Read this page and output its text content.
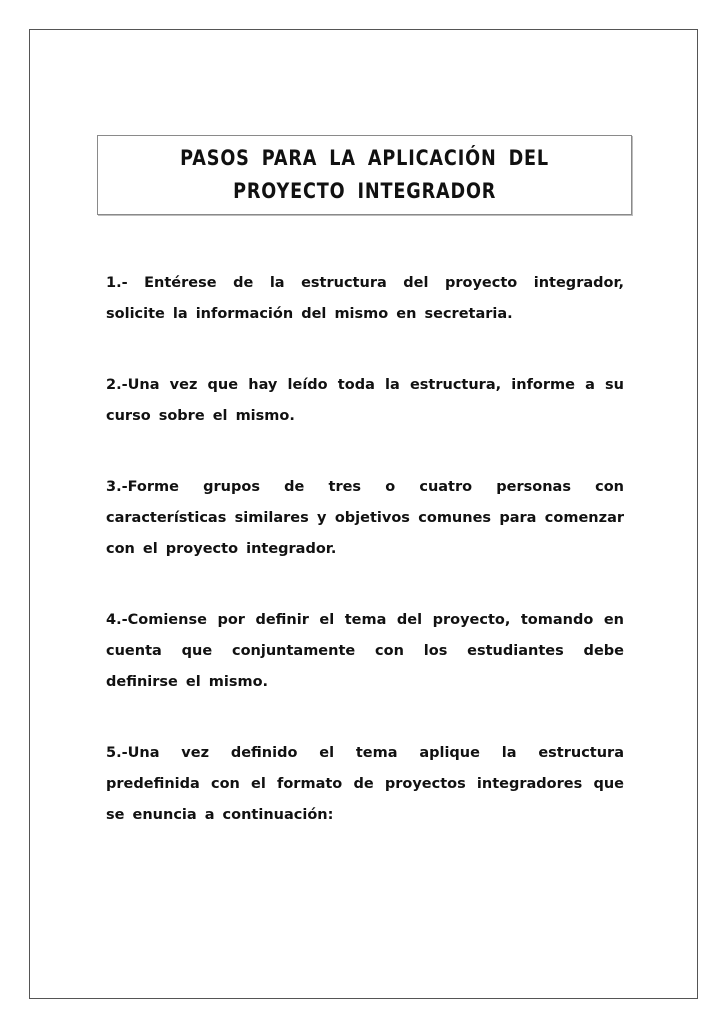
PASOS PARA LA APLICACIÓN DEL
PROYECTO INTEGRADOR

1.- Entérese de la estructura del proyecto integrador, solicite la información del mismo en secretaria.

2.-Una vez que hay leído toda la estructura, informe a su curso sobre el mismo.

3.-Forme grupos de tres o cuatro personas con características similares y objetivos comunes para comenzar con el proyecto integrador.

4.-Comiense por definir el tema del proyecto, tomando en cuenta que conjuntamente con los estudiantes debe definirse el mismo.

5.-Una vez definido el tema aplique la estructura predefinida con el formato de proyectos integradores que se enuncia a continuación:
